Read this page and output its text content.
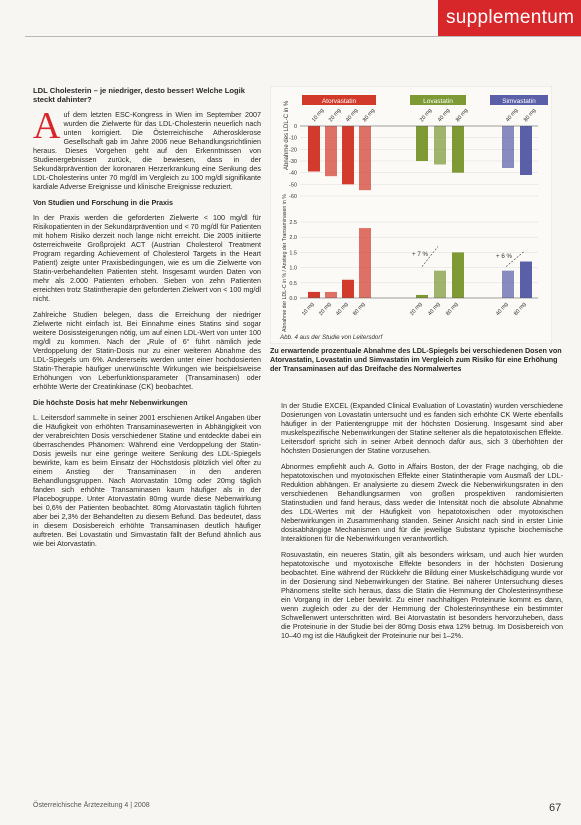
supplementum
LDL Cholesterin – je niedriger, desto besser! Welche Logik steckt dahinter?

Auf dem letzten ESC-Kongress in Wien im September 2007 wurden die Zielwerte für das LDL-Cholesterin neuerlich nach unten korrigiert. Die Österreichische Atherosklerose Gesellschaft gab im Jahre 2006 neue Behandlungsrichtlinien heraus. Dieses Vorgehen geht auf den Erkenntnissen von Studienergebnissen zurück, die bewiesen, dass in der Sekundärprävention der koronaren Herzerkrankung eine Senkung des LDL-Cholesterins unter 70 mg/dl im Vergleich zu 100 mg/dl signifikante kardiale Adverse Ereignisse und klinische Ereignisse reduziert.

Von Studien und Forschung in die Praxis

In der Praxis werden die geforderten Zielwerte < 100 mg/dl für Risikopatienten in der Sekundärprävention und < 70 mg/dl für Patienten mit hohem Risiko derzeit noch lange nicht erreicht. Die 2005 initiierte österreichweite Großprojekt ACT (Austrian Cholesterol Treatment Program regarding Achievement of Cholesterol Targets in the Heart Patient) zeigte unter Praxisbedingungen, wie es um die Zielwerte von Statin-verbehandelten Patienten steht. Insgesamt wurden Daten von mehr als 2.000 Patienten erhoben. Sieben von zehn Patienten erreichten trotz Statintherapie den geforderten Zielwert von < 100 mg/dl nicht.

Zahlreiche Studien belegen, dass die Erreichung der niedriger Zielwerte nicht einfach ist. Bei Einnahme eines Statins sind sogar weitere Dosissteigerungen nötig, um auf einen LDL-Wert von unter 100 mg/dl zu kommen. Nach der „Rule of 6“ führt nämlich jede Verdoppelung der Statin-Dosis nur zu einer weiteren Abnahme des LDL-Spiegels um 6%. Andererseits werden unter einer hochdosierten Statin-Therapie häufiger unerwünschte Wirkungen wie beispielsweise Erhöhungen von Leberfunktionsparameter (Transaminasen) oder erhöhte Werte der Creatinkinase (CK) beobachtet.

Die höchste Dosis hat mehr Nebenwirkungen

L. Leitersdorf sammelte in seiner 2001 erschienen Artikel Angaben über die Häufigkeit von erhöhten Transaminasewerten in Abhängigkeit von der verabreichten Dosis verschiedener Statine und entdeckte dabei ein überraschendes Phänomen: Während eine Verdoppelung der Statin-Dosis jeweils nur eine geringe weitere Senkung des LDL-Spiegels bewirkte, kam es beim Einsatz der Höchstdosis plötzlich viel öfter zu einem Anstieg der Transaminasen in den anderen Behandlungsgruppen. Nach Atorvastatin 10mg oder 20mg täglich fanden sich erhöhte Transaminasen kaum häufiger als in der Placebogruppe. Unter Atorvastatin 80mg wurde diese Nebenwirkung bei 0,6% der Patienten beobachtet. 80mg Atorvastatin täglich führten aber bei 2,3% der Behandelten zu diesem Befund. Das bedeutet, dass in diesem Dosisbereich erhöhte Transaminasen deutlich häufiger auftreten. Bei Lovastatin und Simvastatin fällt der Befund ähnlich aus wie bei Atorvastatin.

Atorvastatin	Lovastatin	Simvastatin
Abnahme des LDL-C in %
Abnahme der LDL-C in % / Anstieg der Transaminasen in %
0
-10
-20
-30
-40
-50
-60
10 mg 20 mg 40 mg 80 mg	20 mg 40 mg 80 mg	40 mg 80 mg
0.0
0.5
1.0
1.5
2.0
2.5
10 mg 20 mg 40 mg 80 mg	20 mg 40 mg 80 mg	40 mg 80 mg
+ 7 %	+ 6 %
Abb. 4 aus der Studie von Leitersdorf
Zu erwartende prozentuale Abnahme des LDL-Spiegels bei verschiedenen Dosen von Atorvastatin, Lovastatin und Simvastatin im Vergleich zum Risiko für eine Erhöhung der Transaminasen auf das Dreifache des Normalwertes

In der Studie EXCEL (Expanded Clinical Evaluation of Lovastatin) wurden verschiedene Dosierungen von Lovastatin untersucht und es fanden sich erhöhte CK Werte ebenfalls häufiger in der Patientengruppe mit der höchsten Dosierung. Insgesamt sind aber muskelspezifische Nebenwirkungen der Statine seltener als die hepatotoxischen Effekte. Leitersdorf spricht sich in seiner Arbeit dennoch dafür aus, sich 3 überhöhten der höchsten Dosierungen der Statine vorzusehen.

Abnormes empfiehlt auch A. Gotto in Affairs Boston, der der Frage nachging, ob die hepatotoxischen und myotoxischen Effekte einer Statintherapie vom Ausmaß der LDL-Reduktion abhängen. Er analysierte zu diesem Zweck die Nebenwirkungsraten in den verschiedenen Behandlungsarmen von großen prospektiven randomisierten Statinstudien und fand heraus, dass weder die Intensität noch die absolute Abnahme des LDL-Wertes mit der Häufigkeit von hepatotoxischen oder myotoxischen Nebenwirkungen in Zusammenhang standen. Seiner Ansicht nach sind in erster Linie dosisabhängige Mechanismen und für die jeweilige Substanz typische biochemische Interaktionen für die Nebenwirkungen verantwortlich.

Rosuvastatin, ein neueres Statin, gilt als besonders wirksam, und auch hier wurden hepatotoxische und myotoxische Effekte besonders in der höchsten Dosierung beobachtet. Eine während der Rückkehr die Bildung einer Muskelschädigung wurde vor in der Dosierung sind Nebenwirkungen der Statine. Bei näherer Untersuchung dieses Phänomens stellte sich heraus, dass die Statin die Hemmung der Cholesterinsynthese ein Vorgang in der Leber bewirkt. Zu einer nachhaltigen Proteinurie kommt es dann, wenn zugleich oder zu der der Hemmung der Cholesterinsynthese ein bestimmter Schwellenwert unterschritten wird. Bei Atorvastatin ist besonders hervorzuheben, dass die Proteinurie in der Studie bei der 80mg Dosis etwa 12% betrug. Im Dosisbereich von 10–40 mg ist die Häufigkeit der Proteinurie nur bei 1–2%.

Österreichische Ärztezeitung 4 | 2008	67
